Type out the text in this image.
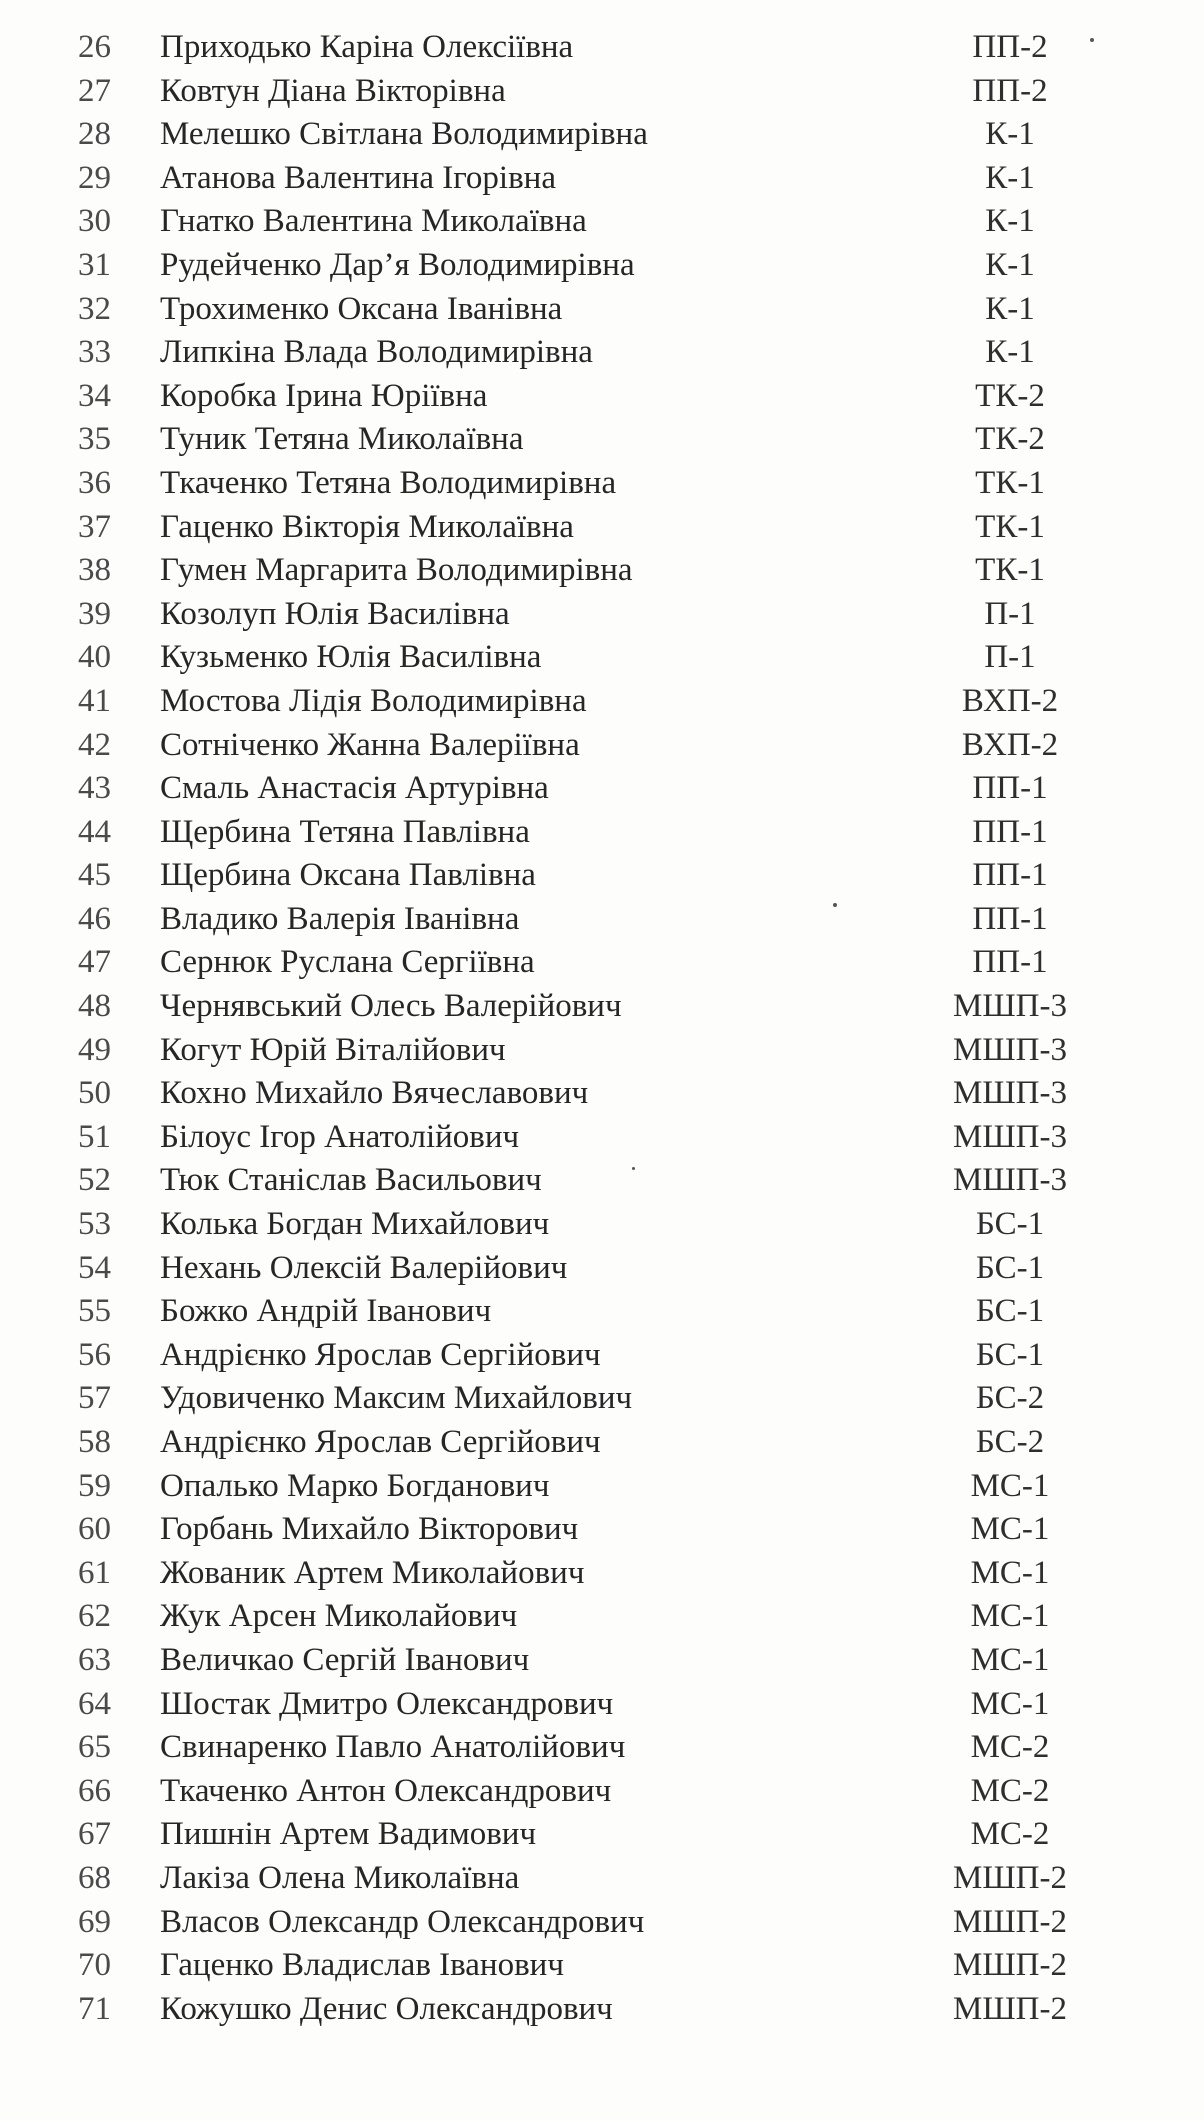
26	Приходько Каріна Олексіївна	ПП-2
27	Ковтун Діана Вікторівна	ПП-2
28	Мелешко Світлана Володимирівна	К-1
29	Атанова Валентина Ігорівна	К-1
30	Гнатко Валентина Миколаївна	К-1
31	Рудейченко Дар’я Володимирівна	К-1
32	Трохименко Оксана Іванівна	К-1
33	Липкіна Влада Володимирівна	К-1
34	Коробка Ірина Юріївна	ТК-2
35	Туник Тетяна Миколаївна	ТК-2
36	Ткаченко Тетяна Володимирівна	ТК-1
37	Гаценко Вікторія Миколаївна	ТК-1
38	Гумен Маргарита Володимирівна	ТК-1
39	Козолуп Юлія Василівна	П-1
40	Кузьменко Юлія Василівна	П-1
41	Мостова Лідія Володимирівна	ВХП-2
42	Сотніченко Жанна Валеріївна	ВХП-2
43	Смаль Анастасія Артурівна	ПП-1
44	Щербина Тетяна Павлівна	ПП-1
45	Щербина Оксана Павлівна	ПП-1
46	Владико Валерія Іванівна	ПП-1
47	Сернюк Руслана Сергіївна	ПП-1
48	Чернявський Олесь Валерійович	МШП-3
49	Когут Юрій Віталійович	МШП-3
50	Кохно Михайло Вячеславович	МШП-3
51	Білоус Ігор Анатолійович	МШП-3
52	Тюк Станіслав Васильович	МШП-3
53	Колька Богдан Михайлович	БС-1
54	Нехань Олексій Валерійович	БС-1
55	Божко Андрій Іванович	БС-1
56	Андрієнко Ярослав Сергійович	БС-1
57	Удовиченко Максим Михайлович	БС-2
58	Андрієнко Ярослав Сергійович	БС-2
59	Опалько Марко Богданович	МС-1
60	Горбань Михайло Вікторович	МС-1
61	Жованик Артем Миколайович	МС-1
62	Жук Арсен Миколайович	МС-1
63	Величкао Сергій Іванович	МС-1
64	Шостак Дмитро Олександрович	МС-1
65	Свинаренко Павло Анатолійович	МС-2
66	Ткаченко Антон Олександрович	МС-2
67	Пишнін Артем Вадимович	МС-2
68	Лакіза Олена Миколаївна	МШП-2
69	Власов Олександр Олександрович	МШП-2
70	Гаценко Владислав Іванович	МШП-2
71	Кожушко Денис Олександрович	МШП-2
